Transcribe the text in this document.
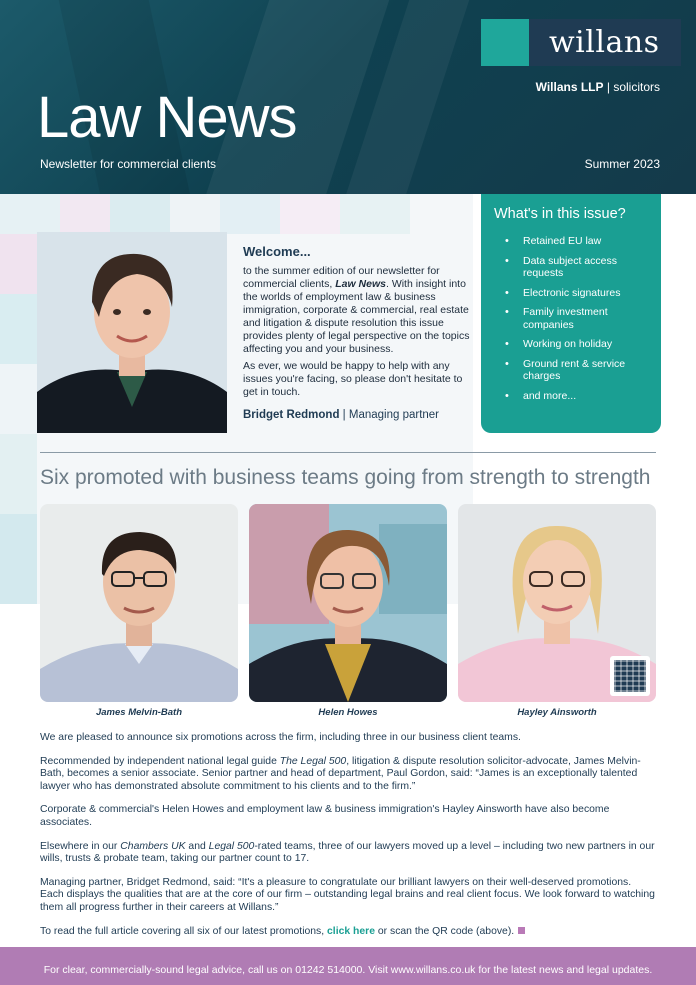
willans
Willans LLP | solicitors
Law News
Newsletter for commercial clients	Summer 2023
Welcome...

to the summer edition of our newsletter for commercial clients, Law News. With insight into the worlds of employment law & business immigration, corporate & commercial, real estate and litigation & dispute resolution this issue provides plenty of legal perspective on the topics affecting you and your business.

As ever, we would be happy to help with any issues you're facing, so please don't hesitate to get in touch.

Bridget Redmond | Managing partner
What's in this issue?
• Retained EU law
• Data subject access requests
• Electronic signatures
• Family investment companies
• Working on holiday
• Ground rent & service charges
• and more...
Six promoted with business teams going from strength to strength
James Melvin-Bath	Helen Howes	Hayley Ainsworth

We are pleased to announce six promotions across the firm, including three in our business client teams.

Recommended by independent national legal guide The Legal 500, litigation & dispute resolution solicitor-advocate, James Melvin-Bath, becomes a senior associate. Senior partner and head of department, Paul Gordon, said: “James is an exceptionally talented lawyer who has demonstrated absolute commitment to his clients and to the firm.”

Corporate & commercial's Helen Howes and employment law & business immigration's Hayley Ainsworth have also become associates.

Elsewhere in our Chambers UK and Legal 500-rated teams, three of our lawyers moved up a level – including two new partners in our wills, trusts & probate team, taking our partner count to 17.

Managing partner, Bridget Redmond, said: “It's a pleasure to congratulate our brilliant lawyers on their well-deserved promotions. Each displays the qualities that are at the core of our firm – outstanding legal brains and real client focus. We look forward to watching them all progress further in their careers at Willans.”

To read the full article covering all six of our latest promotions, click here or scan the QR code (above).

For clear, commercially-sound legal advice, call us on 01242 514000. Visit www.willans.co.uk for the latest news and legal updates.
